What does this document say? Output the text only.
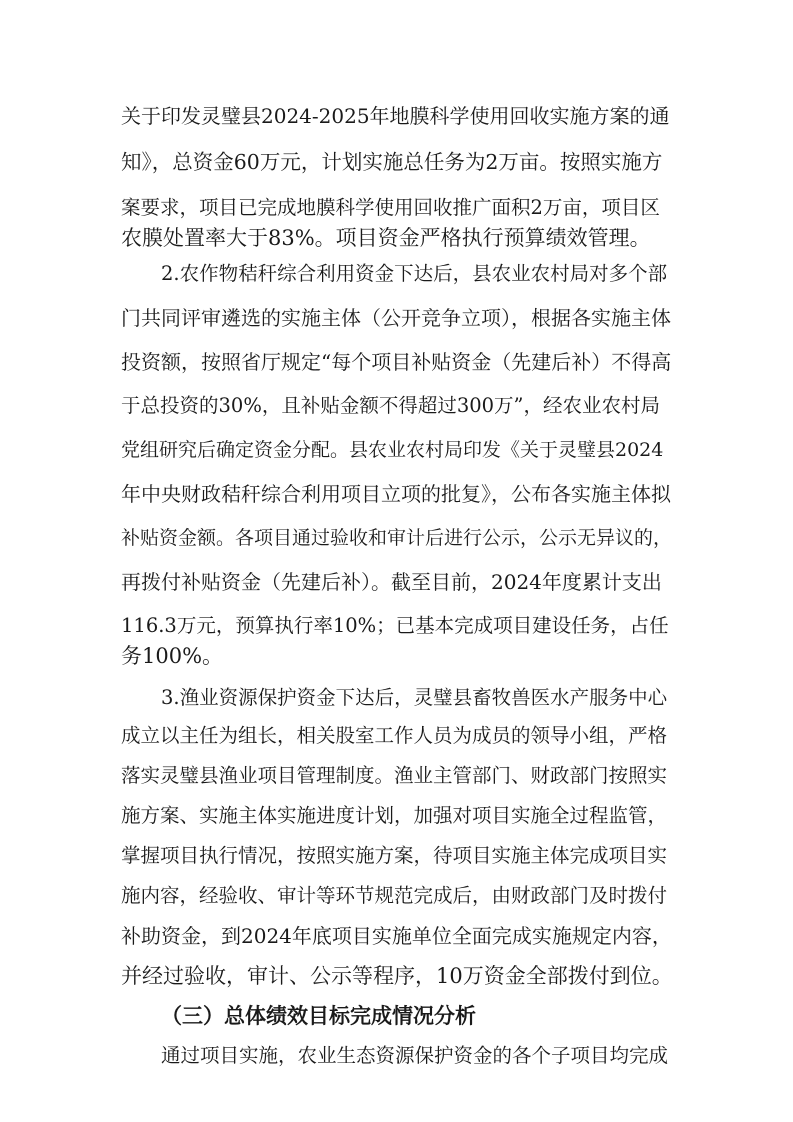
关于印发灵璧县2024-2025年地膜科学使用回收实施方案的通
知》，总资金60万元，计划实施总任务为2万亩。按照实施方
案要求，项目已完成地膜科学使用回收推广面积2万亩，项目区
农膜处置率大于83%。项目资金严格执行预算绩效管理。
2.农作物秸秆综合利用资金下达后，县农业农村局对多个部
门共同评审遴选的实施主体（公开竞争立项），根据各实施主体
投资额，按照省厅规定“每个项目补贴资金（先建后补）不得高
于总投资的30%，且补贴金额不得超过300万”，经农业农村局
党组研究后确定资金分配。县农业农村局印发《关于灵璧县2024
年中央财政秸秆综合利用项目立项的批复》，公布各实施主体拟
补贴资金额。各项目通过验收和审计后进行公示，公示无异议的，
再拨付补贴资金（先建后补）。截至目前，2024年度累计支出
116.3万元，预算执行率10%；已基本完成项目建设任务，占任
务100%。
3.渔业资源保护资金下达后，灵璧县畜牧兽医水产服务中心
成立以主任为组长，相关股室工作人员为成员的领导小组，严格
落实灵璧县渔业项目管理制度。渔业主管部门、财政部门按照实
施方案、实施主体实施进度计划，加强对项目实施全过程监管，
掌握项目执行情况，按照实施方案，待项目实施主体完成项目实
施内容，经验收、审计等环节规范完成后，由财政部门及时拨付
补助资金，到2024年底项目实施单位全面完成实施规定内容，
并经过验收，审计、公示等程序，10万资金全部拨付到位。
（三）总体绩效目标完成情况分析
通过项目实施，农业生态资源保护资金的各个子项目均完成
